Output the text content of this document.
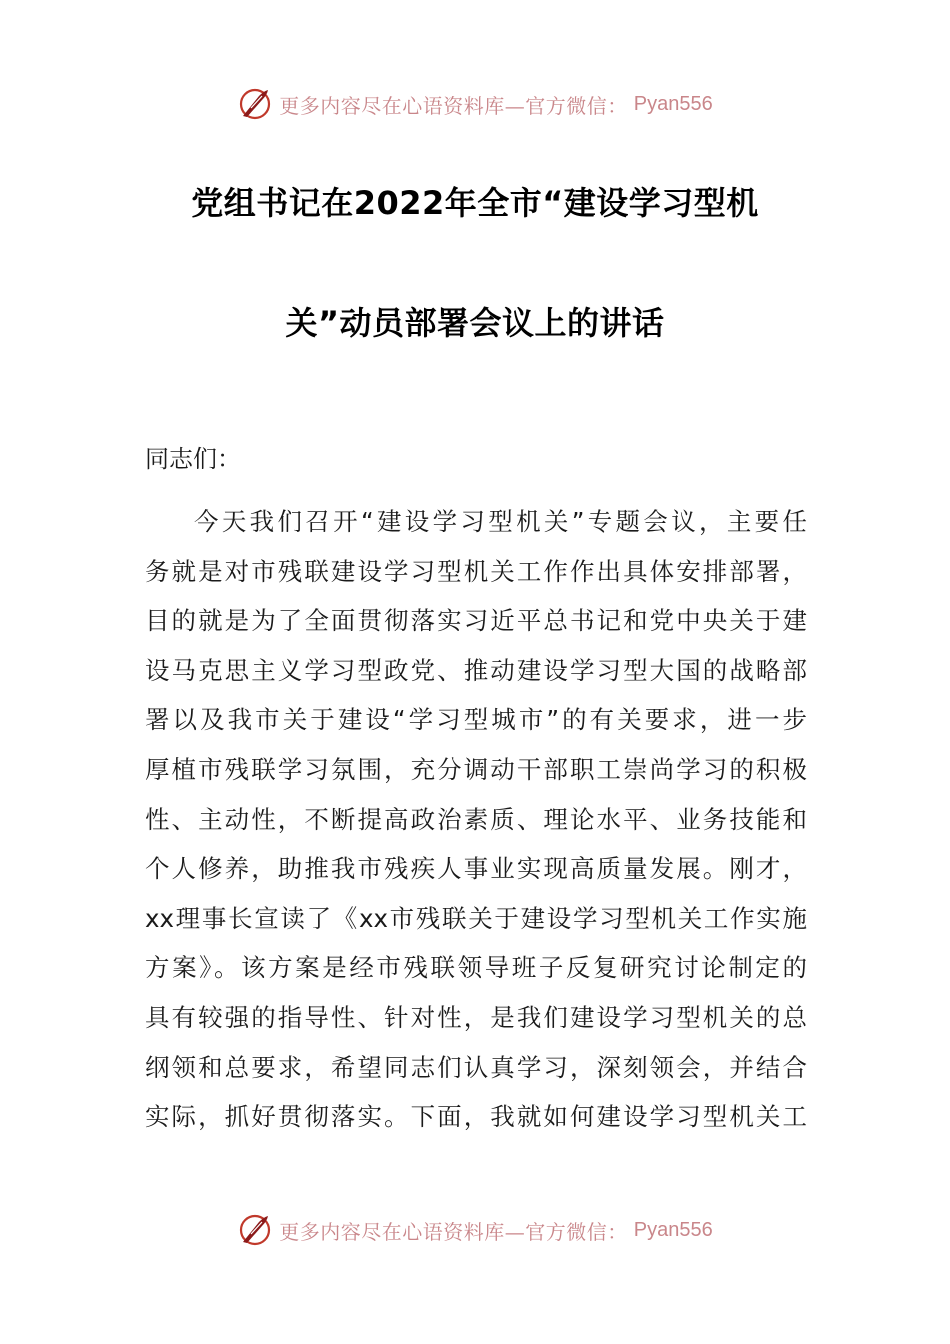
更多内容尽在心语资料库—官方微信： Pyan556
党组书记在2022年全市“建设学习型机
关”动员部署会议上的讲话
同志们：
今天我们召开“建设学习型机关”专题会议，主要任
务就是对市残联建设学习型机关工作作出具体安排部署，
目的就是为了全面贯彻落实习近平总书记和党中央关于建
设马克思主义学习型政党、推动建设学习型大国的战略部
署以及我市关于建设“学习型城市”的有关要求，进一步
厚植市残联学习氛围，充分调动干部职工崇尚学习的积极
性、主动性，不断提高政治素质、理论水平、业务技能和
个人修养，助推我市残疾人事业实现高质量发展。刚才，
xx理事长宣读了《xx市残联关于建设学习型机关工作实施
方案》。该方案是经市残联领导班子反复研究讨论制定的
具有较强的指导性、针对性，是我们建设学习型机关的总
纲领和总要求，希望同志们认真学习，深刻领会，并结合
实际，抓好贯彻落实。下面，我就如何建设学习型机关工
更多内容尽在心语资料库—官方微信： Pyan556
